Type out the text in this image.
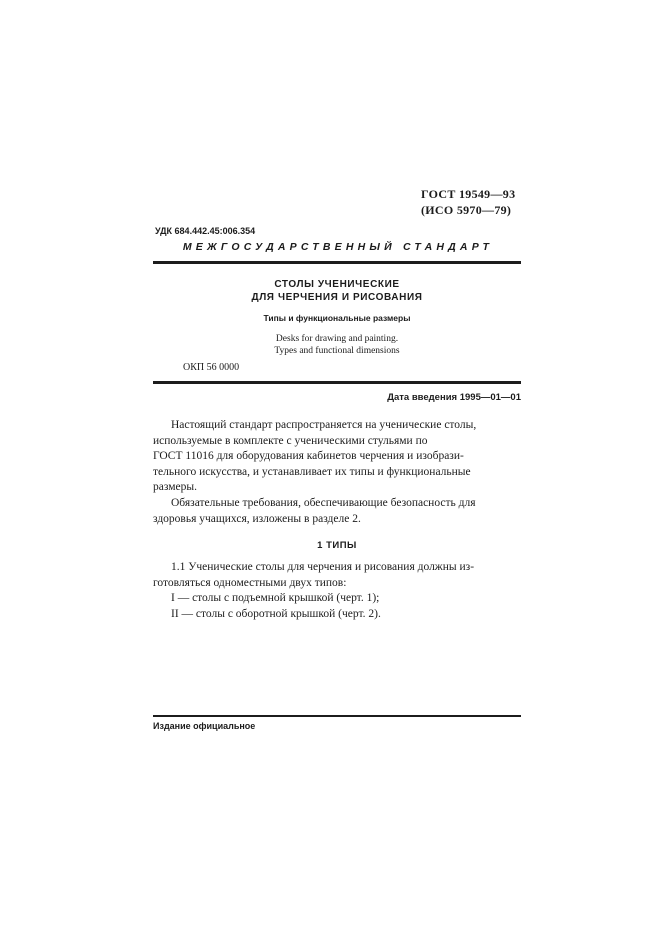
ГОСТ 19549—93
(ИСО 5970—79)
УДК 684.442.45:006.354
МЕЖГОСУДАРСТВЕННЫЙ СТАНДАРТ
СТОЛЫ УЧЕНИЧЕСКИЕ
ДЛЯ ЧЕРЧЕНИЯ И РИСОВАНИЯ
Типы и функциональные размеры
Desks for drawing and painting.
Types and functional dimensions
ОКП 56 0000
Дата введения 1995—01—01
Настоящий стандарт распространяется на ученические столы,
используемые в комплекте с ученическими стульями по
ГОСТ 11016 для оборудования кабинетов черчения и изобрази-
тельного искусства, и устанавливает их типы и функциональные
размеры.
Обязательные требования, обеспечивающие безопасность для
здоровья учащихся, изложены в разделе 2.
1 ТИПЫ
1.1 Ученические столы для черчения и рисования должны из-
готовляться одноместными двух типов:
I — столы с подъемной крышкой (черт. 1);
II — столы с оборотной крышкой (черт. 2).
Издание официальное
